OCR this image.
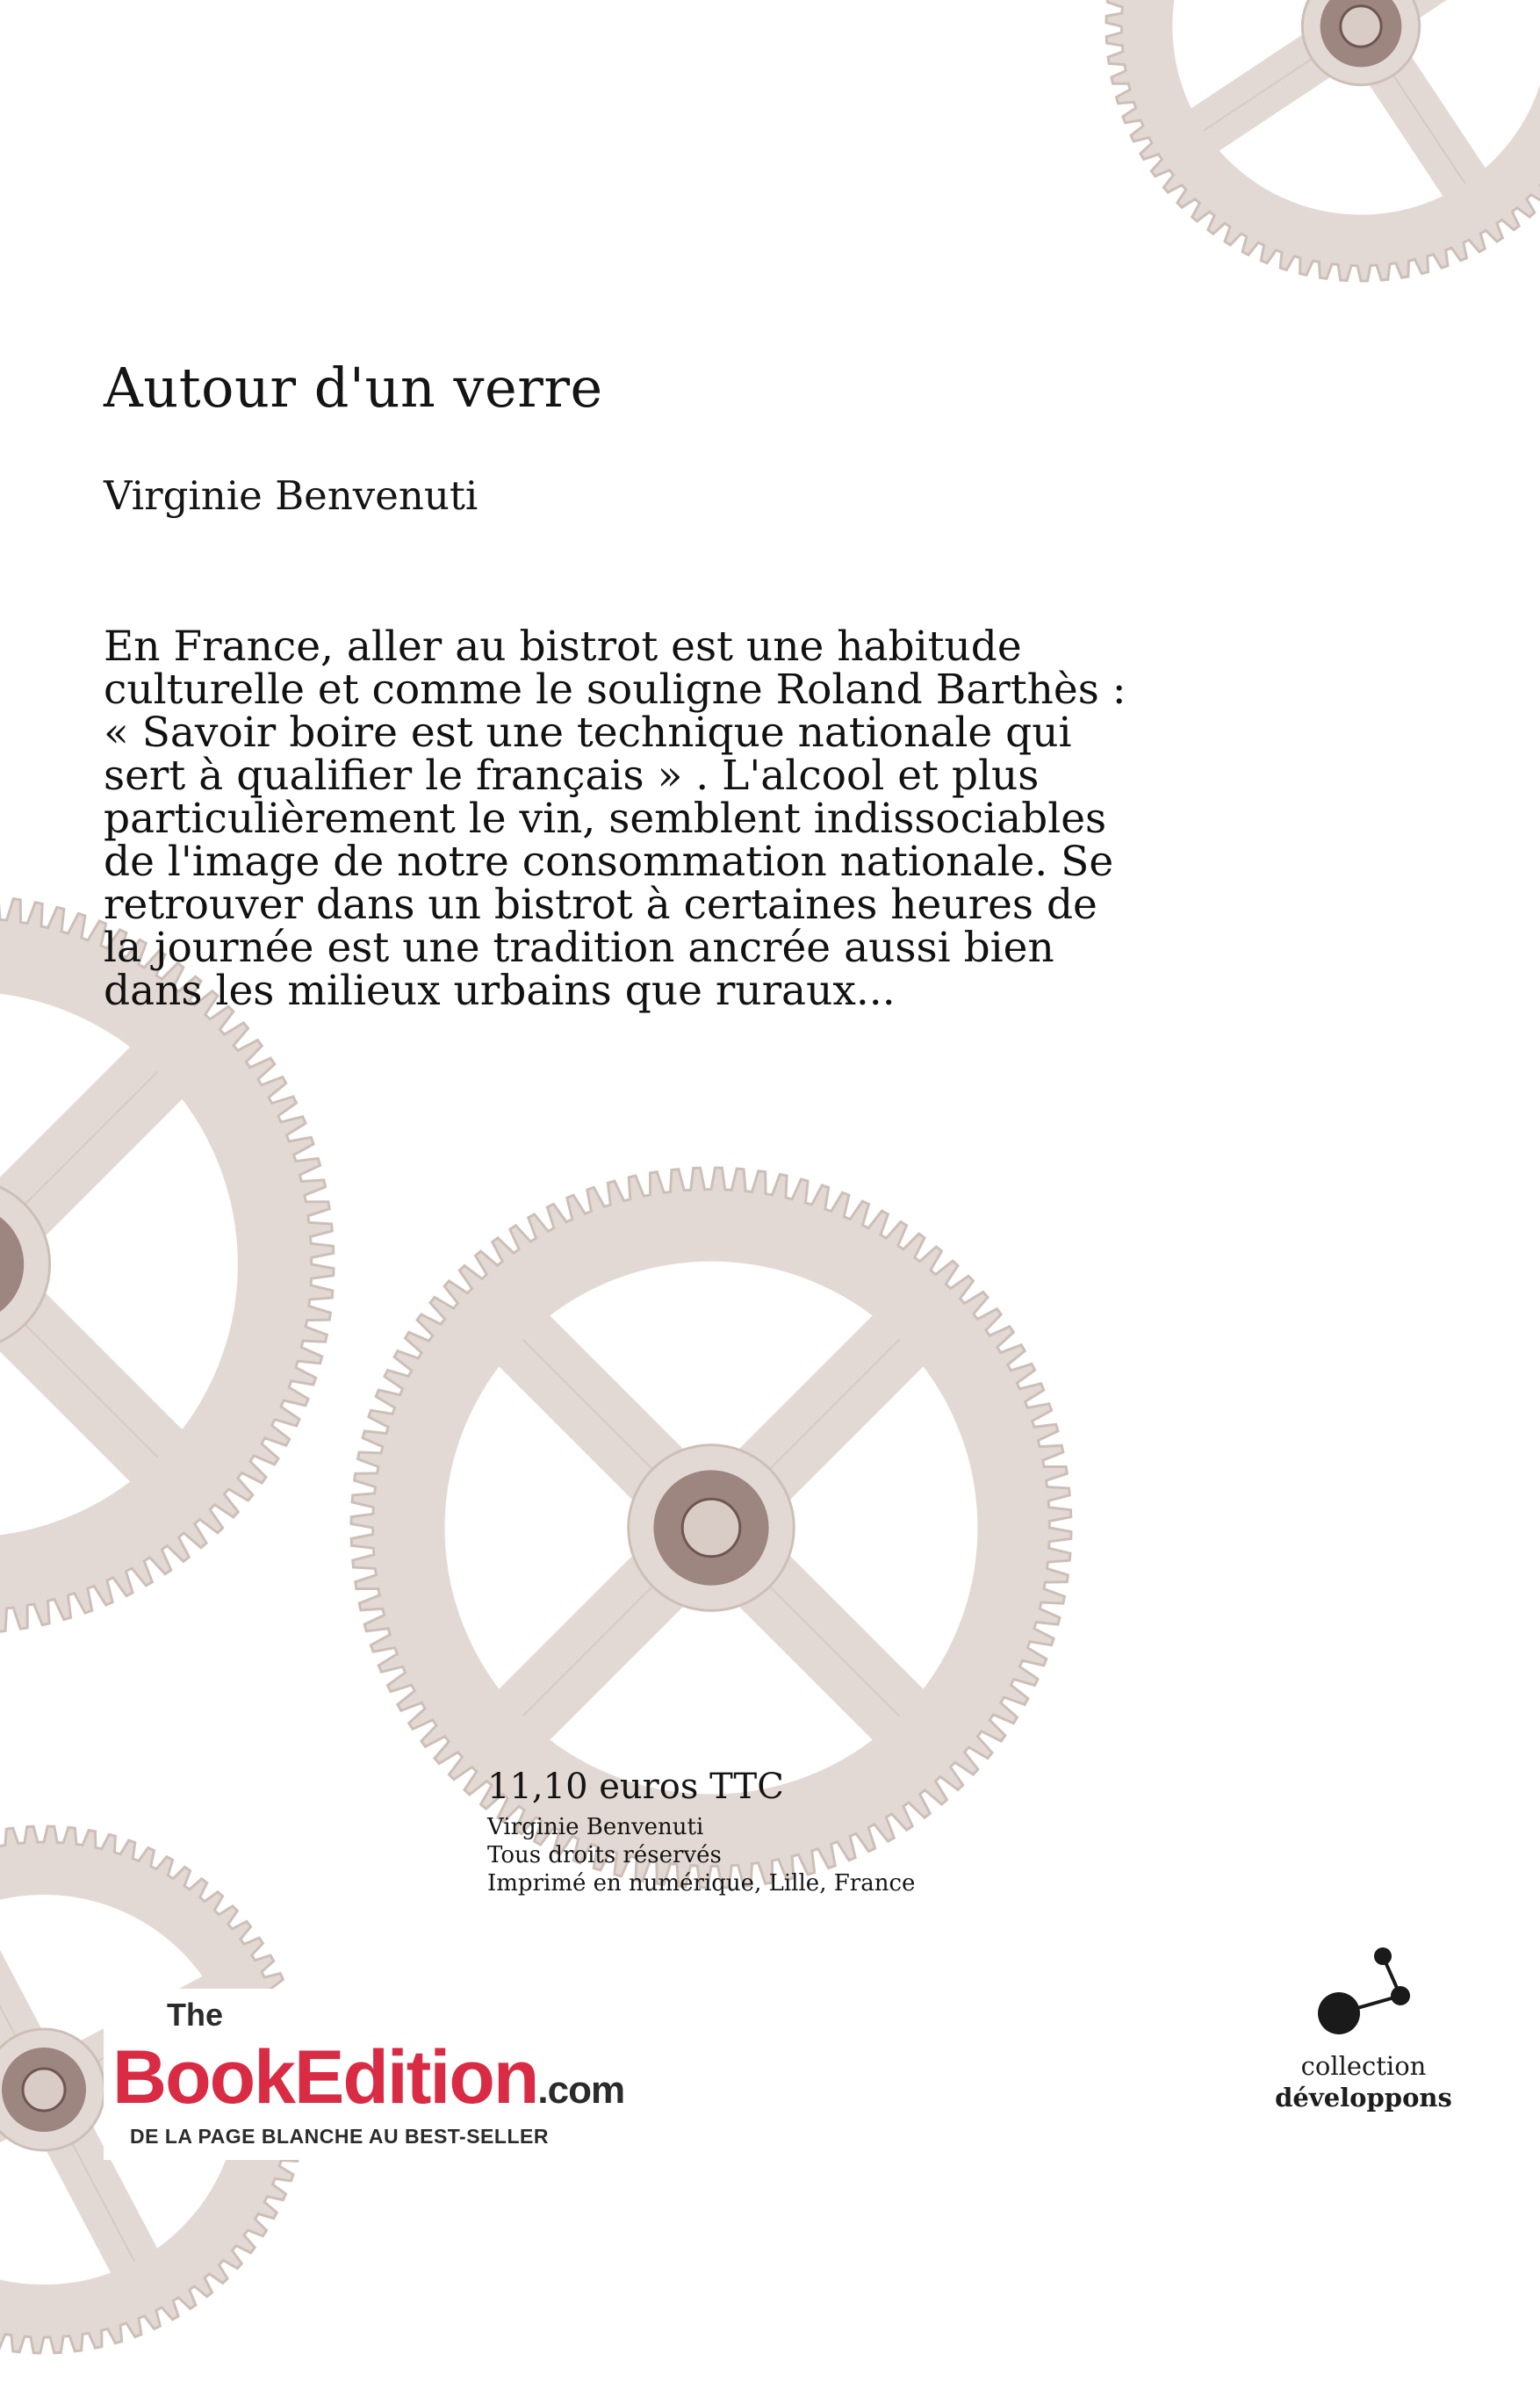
Autour d'un verre
Virginie Benvenuti

En France, aller au bistrot est une habitude culturelle et comme le souligne Roland Barthès : « Savoir boire est une technique nationale qui sert à qualifier le français » . L'alcool et plus particulièrement le vin, semblent indissociables de l'image de notre consommation nationale. Se retrouver dans un bistrot à certaines heures de la journée est une tradition ancrée aussi bien dans les milieux urbains que ruraux...

11,10 euros TTC
Virginie Benvenuti
Tous droits réservés
Imprimé en numérique, Lille, France
The
BookEdition.com
DE LA PAGE BLANCHE AU BEST-SELLER
collection
développons
